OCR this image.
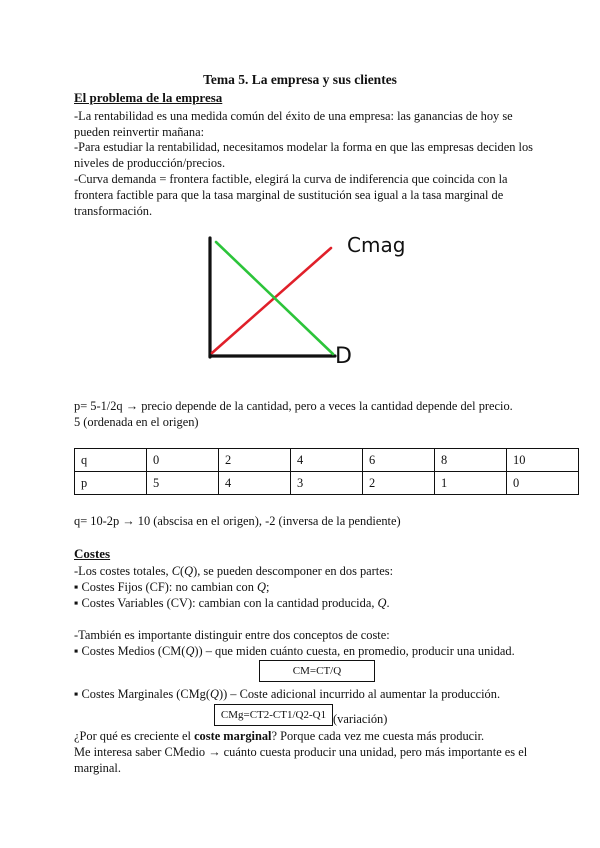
Tema 5. La empresa y sus clientes
El problema de la empresa
-La rentabilidad es una medida común del éxito de una empresa: las ganancias de hoy se pueden reinvertir mañana:
-Para estudiar la rentabilidad, necesitamos modelar la forma en que las empresas deciden los niveles de producción/precios.
-Curva demanda = frontera factible, elegirá la curva de indiferencia que coincida con la frontera factible para que la tasa marginal de sustitución sea igual a la tasa marginal de transformación.
Cmag
D
p= 5-1/2q → precio depende de la cantidad, pero a veces la cantidad depende del precio.
5 (ordenada en el origen)
q	0	2	4	6	8	10
p	5	4	3	2	1	0
q= 10-2p → 10 (abscisa en el origen), -2 (inversa de la pendiente)
Costes
-Los costes totales, C(Q), se pueden descomponer en dos partes:
▪ Costes Fijos (CF): no cambian con Q;
▪ Costes Variables (CV): cambian con la cantidad producida, Q.
-También es importante distinguir entre dos conceptos de coste:
▪ Costes Medios (CM(Q)) – que miden cuánto cuesta, en promedio, producir una unidad.
CM=CT/Q
▪ Costes Marginales (CMg(Q)) – Coste adicional incurrido al aumentar la producción.
CMg=CT2-CT1/Q2-Q1 (variación)
¿Por qué es creciente el coste marginal? Porque cada vez me cuesta más producir.
Me interesa saber CMedio → cuánto cuesta producir una unidad, pero más importante es el marginal.
